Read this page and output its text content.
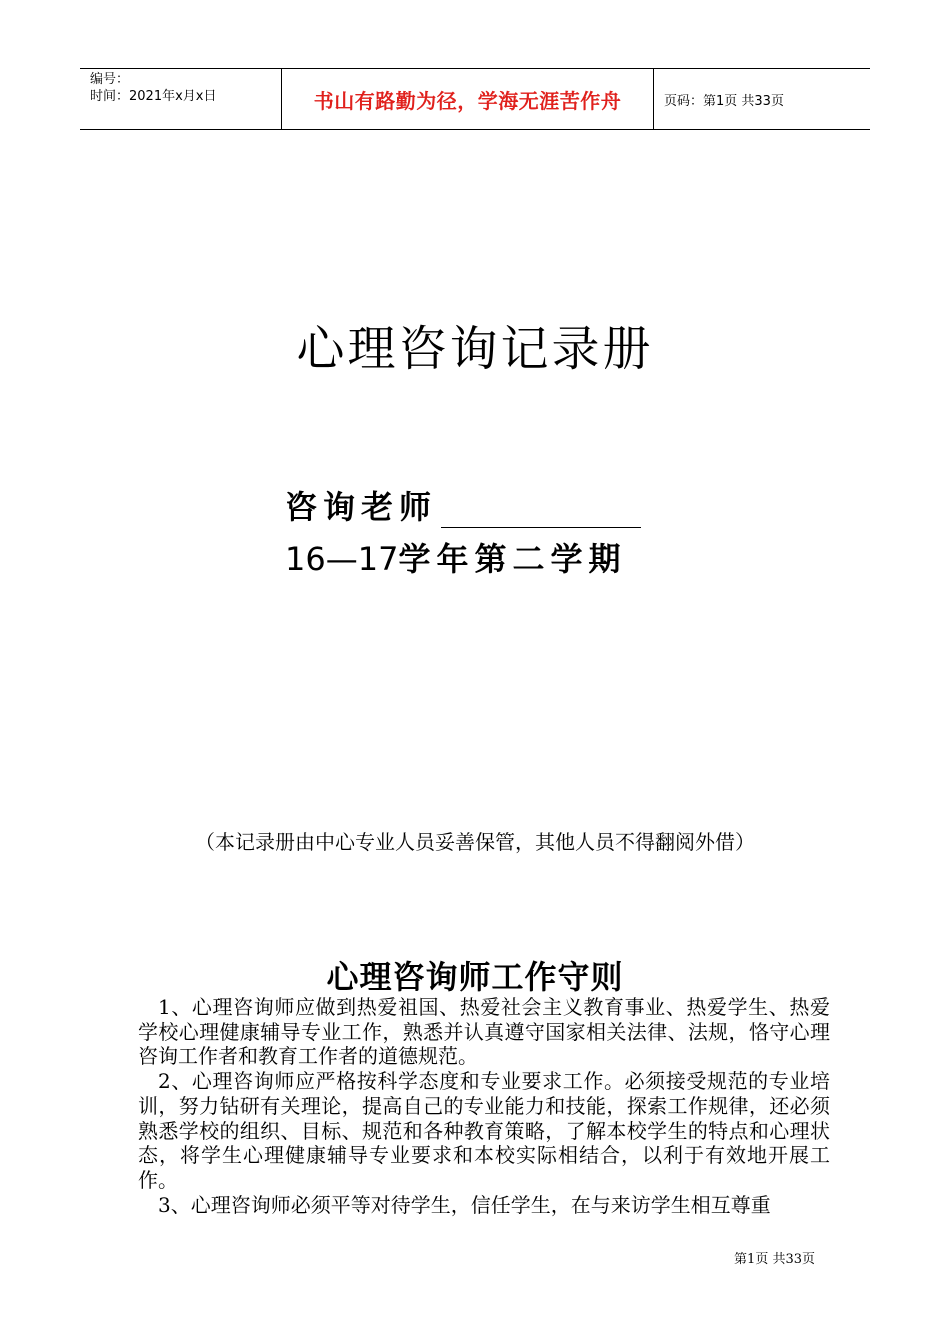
编号：
时间：2021年x月x日	书山有路勤为径，学海无涯苦作舟	页码：第1页 共33页
心理咨询记录册
咨询老师
16—17学年第二学期
（本记录册由中心专业人员妥善保管，其他人员不得翻阅外借）
心理咨询师工作守则

1、心理咨询师应做到热爱祖国、热爱社会主义教育事业、热爱学生、热爱学校心理健康辅导专业工作，熟悉并认真遵守国家相关法律、法规，恪守心理咨询工作者和教育工作者的道德规范。

2、心理咨询师应严格按科学态度和专业要求工作。必须接受规范的专业培训，努力钻研有关理论，提高自己的专业能力和技能，探索工作规律，还必须熟悉学校的组织、目标、规范和各种教育策略，了解本校学生的特点和心理状态，将学生心理健康辅导专业要求和本校实际相结合，以利于有效地开展工作。

3、心理咨询师必须平等对待学生，信任学生，在与来访学生相互尊重

第1页 共33页
